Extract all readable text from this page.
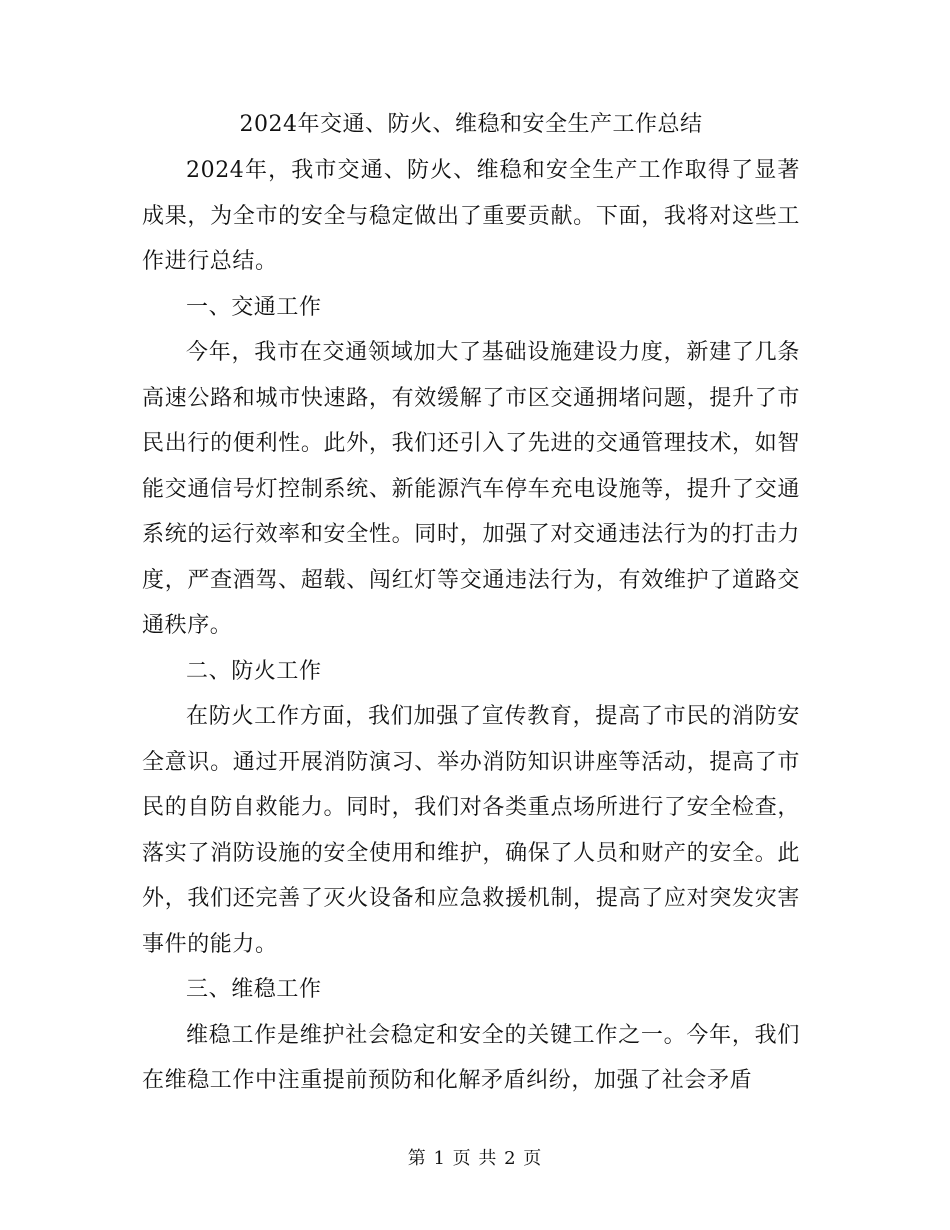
2024年交通、防火、维稳和安全生产工作总结

2024年，我市交通、防火、维稳和安全生产工作取得了显著成果，为全市的安全与稳定做出了重要贡献。下面，我将对这些工作进行总结。

一、交通工作

今年，我市在交通领域加大了基础设施建设力度，新建了几条高速公路和城市快速路，有效缓解了市区交通拥堵问题，提升了市民出行的便利性。此外，我们还引入了先进的交通管理技术，如智能交通信号灯控制系统、新能源汽车停车充电设施等，提升了交通系统的运行效率和安全性。同时，加强了对交通违法行为的打击力度，严查酒驾、超载、闯红灯等交通违法行为，有效维护了道路交通秩序。

二、防火工作

在防火工作方面，我们加强了宣传教育，提高了市民的消防安全意识。通过开展消防演习、举办消防知识讲座等活动，提高了市民的自防自救能力。同时，我们对各类重点场所进行了安全检查，落实了消防设施的安全使用和维护，确保了人员和财产的安全。此外，我们还完善了灭火设备和应急救援机制，提高了应对突发灾害事件的能力。

三、维稳工作

维稳工作是维护社会稳定和安全的关键工作之一。今年，我们在维稳工作中注重提前预防和化解矛盾纠纷，加强了社会矛盾

第 1 页 共 2 页
